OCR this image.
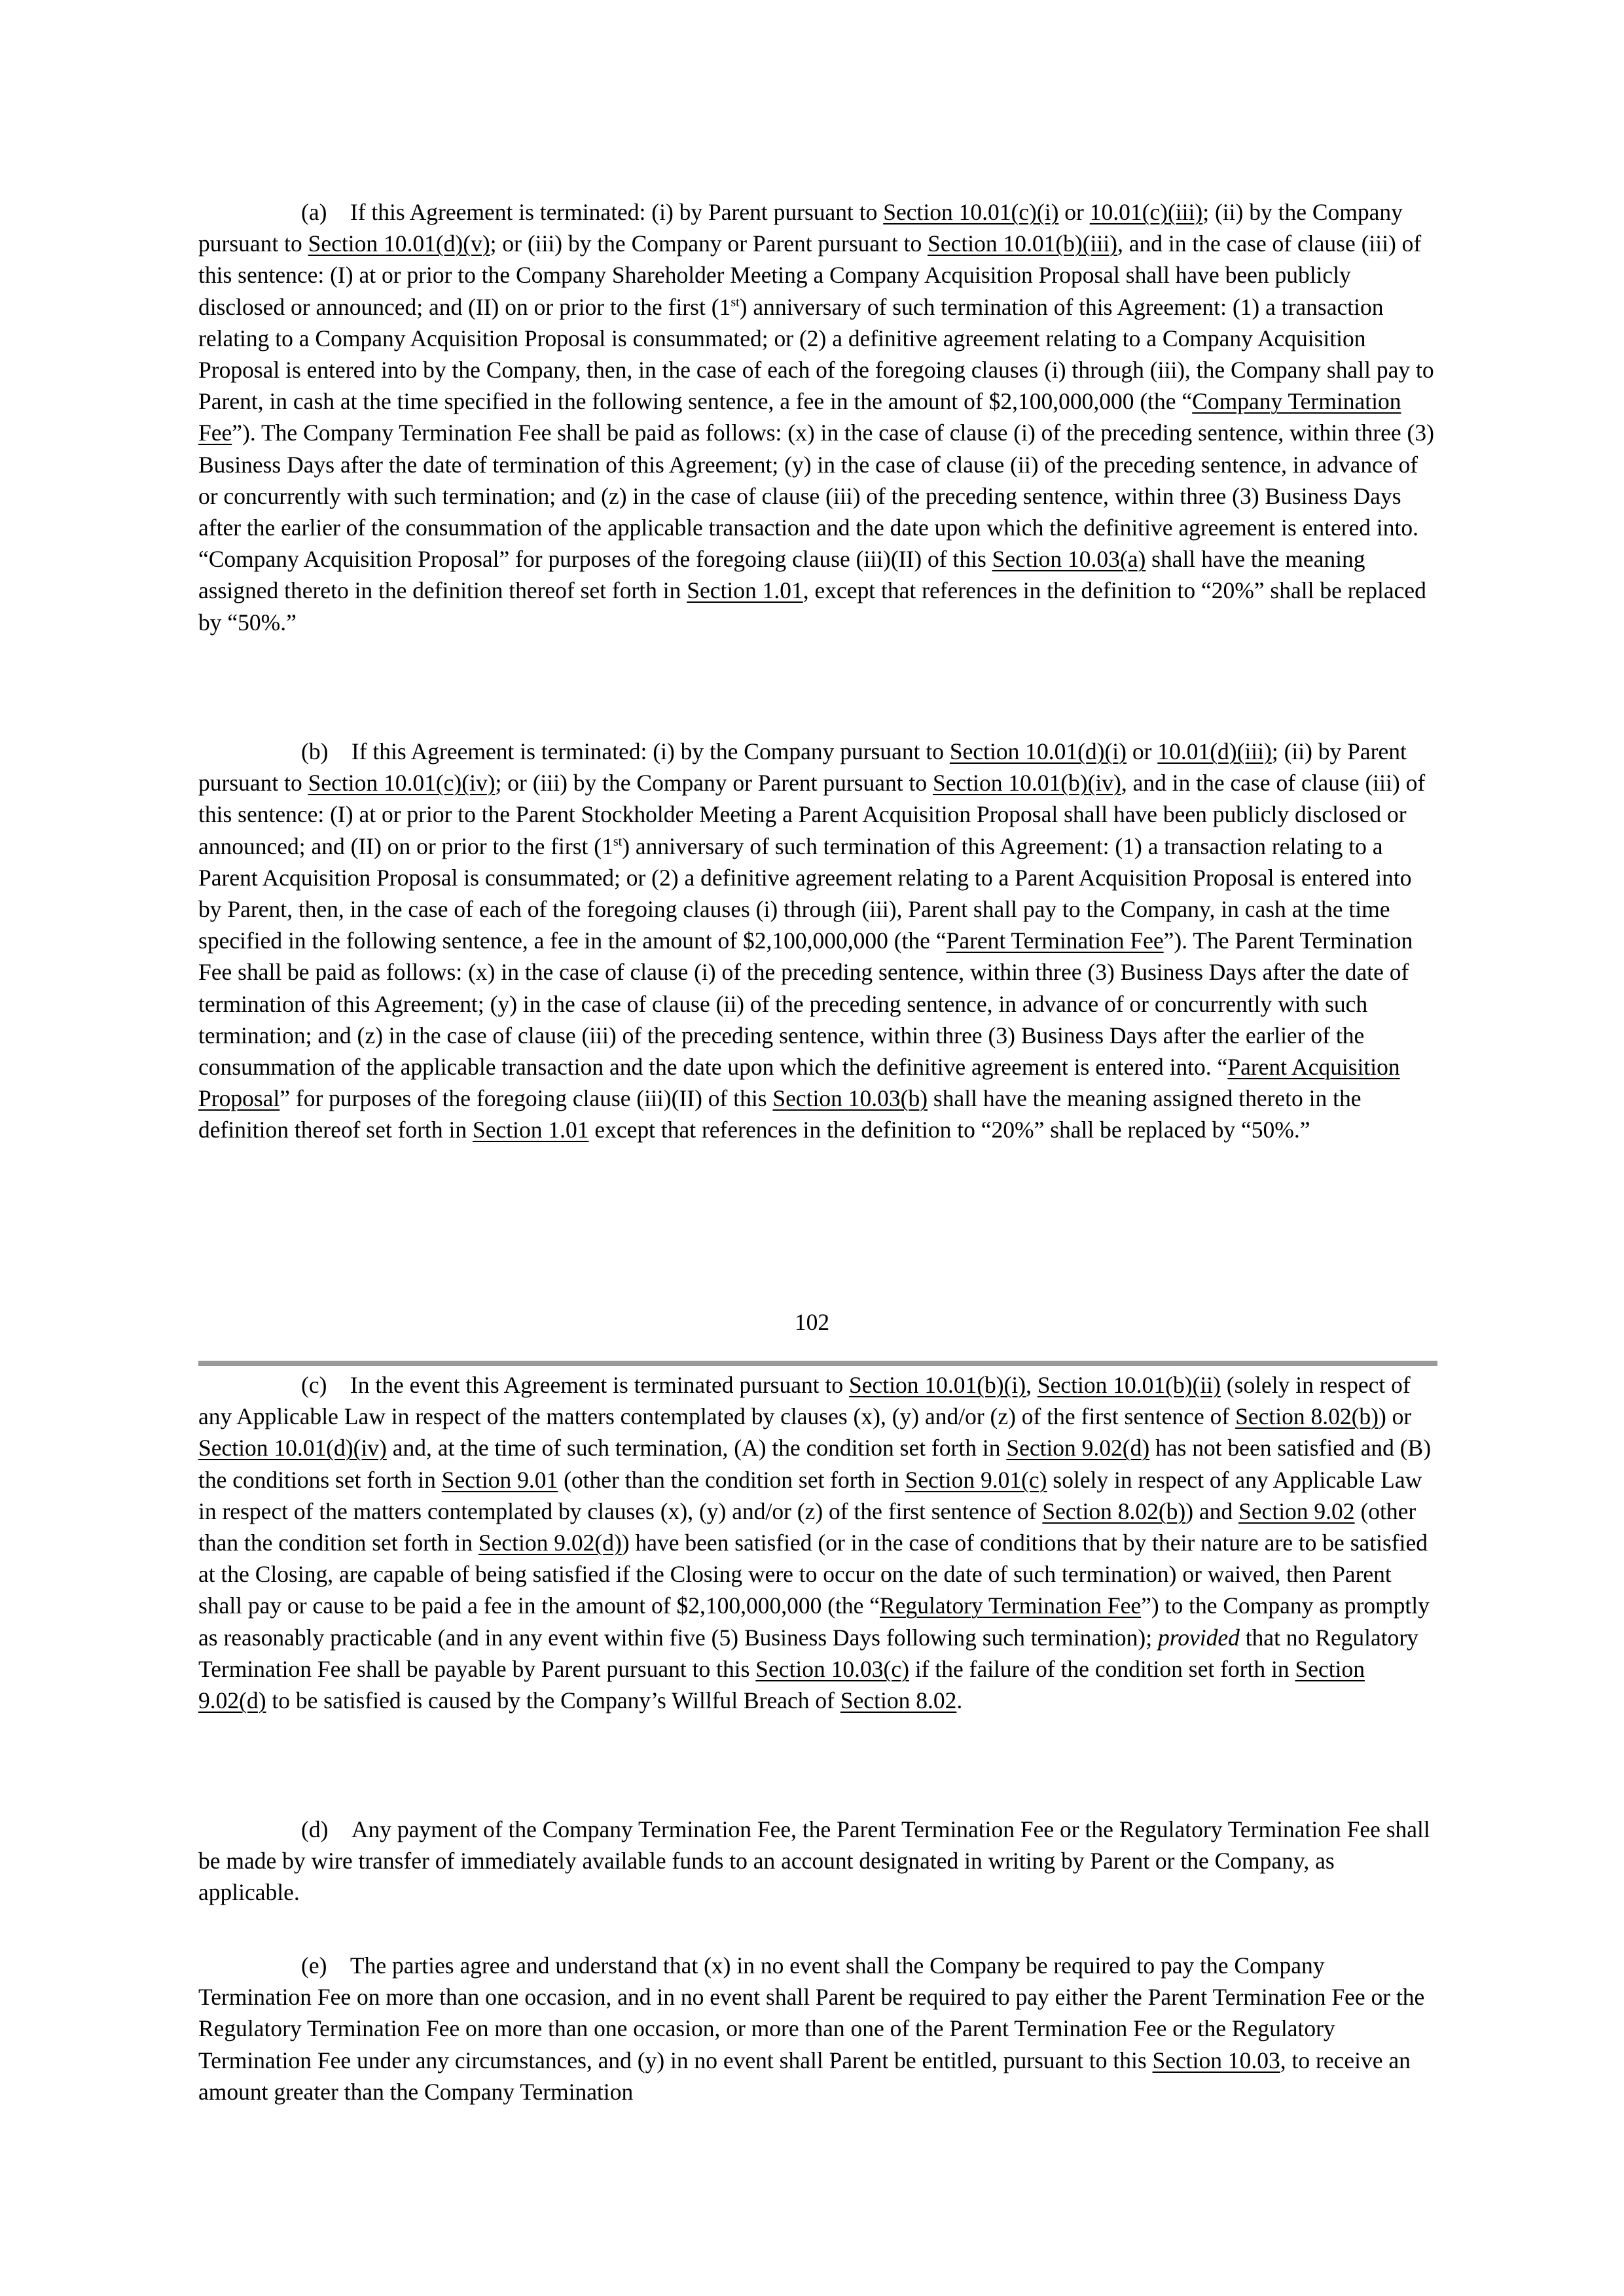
(a) If this Agreement is terminated: (i) by Parent pursuant to Section 10.01(c)(i) or 10.01(c)(iii); (ii) by the Company pursuant to Section 10.01(d)(v); or (iii) by the Company or Parent pursuant to Section 10.01(b)(iii), and in the case of clause (iii) of this sentence: (I) at or prior to the Company Shareholder Meeting a Company Acquisition Proposal shall have been publicly disclosed or announced; and (II) on or prior to the first (1st) anniversary of such termination of this Agreement: (1) a transaction relating to a Company Acquisition Proposal is consummated; or (2) a definitive agreement relating to a Company Acquisition Proposal is entered into by the Company, then, in the case of each of the foregoing clauses (i) through (iii), the Company shall pay to Parent, in cash at the time specified in the following sentence, a fee in the amount of $2,100,000,000 (the “Company Termination Fee”). The Company Termination Fee shall be paid as follows: (x) in the case of clause (i) of the preceding sentence, within three (3) Business Days after the date of termination of this Agreement; (y) in the case of clause (ii) of the preceding sentence, in advance of or concurrently with such termination; and (z) in the case of clause (iii) of the preceding sentence, within three (3) Business Days after the earlier of the consummation of the applicable transaction and the date upon which the definitive agreement is entered into. “Company Acquisition Proposal” for purposes of the foregoing clause (iii)(II) of this Section 10.03(a) shall have the meaning assigned thereto in the definition thereof set forth in Section 1.01, except that references in the definition to “20%” shall be replaced by “50%.”

(b) If this Agreement is terminated: (i) by the Company pursuant to Section 10.01(d)(i) or 10.01(d)(iii); (ii) by Parent pursuant to Section 10.01(c)(iv); or (iii) by the Company or Parent pursuant to Section 10.01(b)(iv), and in the case of clause (iii) of this sentence: (I) at or prior to the Parent Stockholder Meeting a Parent Acquisition Proposal shall have been publicly disclosed or announced; and (II) on or prior to the first (1st) anniversary of such termination of this Agreement: (1) a transaction relating to a Parent Acquisition Proposal is consummated; or (2) a definitive agreement relating to a Parent Acquisition Proposal is entered into by Parent, then, in the case of each of the foregoing clauses (i) through (iii), Parent shall pay to the Company, in cash at the time specified in the following sentence, a fee in the amount of $2,100,000,000 (the “Parent Termination Fee”). The Parent Termination Fee shall be paid as follows: (x) in the case of clause (i) of the preceding sentence, within three (3) Business Days after the date of termination of this Agreement; (y) in the case of clause (ii) of the preceding sentence, in advance of or concurrently with such termination; and (z) in the case of clause (iii) of the preceding sentence, within three (3) Business Days after the earlier of the consummation of the applicable transaction and the date upon which the definitive agreement is entered into. “Parent Acquisition Proposal” for purposes of the foregoing clause (iii)(II) of this Section 10.03(b) shall have the meaning assigned thereto in the definition thereof set forth in Section 1.01 except that references in the definition to “20%” shall be replaced by “50%.”

102

(c) In the event this Agreement is terminated pursuant to Section 10.01(b)(i), Section 10.01(b)(ii) (solely in respect of any Applicable Law in respect of the matters contemplated by clauses (x), (y) and/or (z) of the first sentence of Section 8.02(b)) or Section 10.01(d)(iv) and, at the time of such termination, (A) the condition set forth in Section 9.02(d) has not been satisfied and (B) the conditions set forth in Section 9.01 (other than the condition set forth in Section 9.01(c) solely in respect of any Applicable Law in respect of the matters contemplated by clauses (x), (y) and/or (z) of the first sentence of Section 8.02(b)) and Section 9.02 (other than the condition set forth in Section 9.02(d)) have been satisfied (or in the case of conditions that by their nature are to be satisfied at the Closing, are capable of being satisfied if the Closing were to occur on the date of such termination) or waived, then Parent shall pay or cause to be paid a fee in the amount of $2,100,000,000 (the “Regulatory Termination Fee”) to the Company as promptly as reasonably practicable (and in any event within five (5) Business Days following such termination); provided that no Regulatory Termination Fee shall be payable by Parent pursuant to this Section 10.03(c) if the failure of the condition set forth in Section 9.02(d) to be satisfied is caused by the Company’s Willful Breach of Section 8.02.

(d) Any payment of the Company Termination Fee, the Parent Termination Fee or the Regulatory Termination Fee shall be made by wire transfer of immediately available funds to an account designated in writing by Parent or the Company, as applicable.

(e) The parties agree and understand that (x) in no event shall the Company be required to pay the Company Termination Fee on more than one occasion, and in no event shall Parent be required to pay either the Parent Termination Fee or the Regulatory Termination Fee on more than one occasion, or more than one of the Parent Termination Fee or the Regulatory Termination Fee under any circumstances, and (y) in no event shall Parent be entitled, pursuant to this Section 10.03, to receive an amount greater than the Company Termination
